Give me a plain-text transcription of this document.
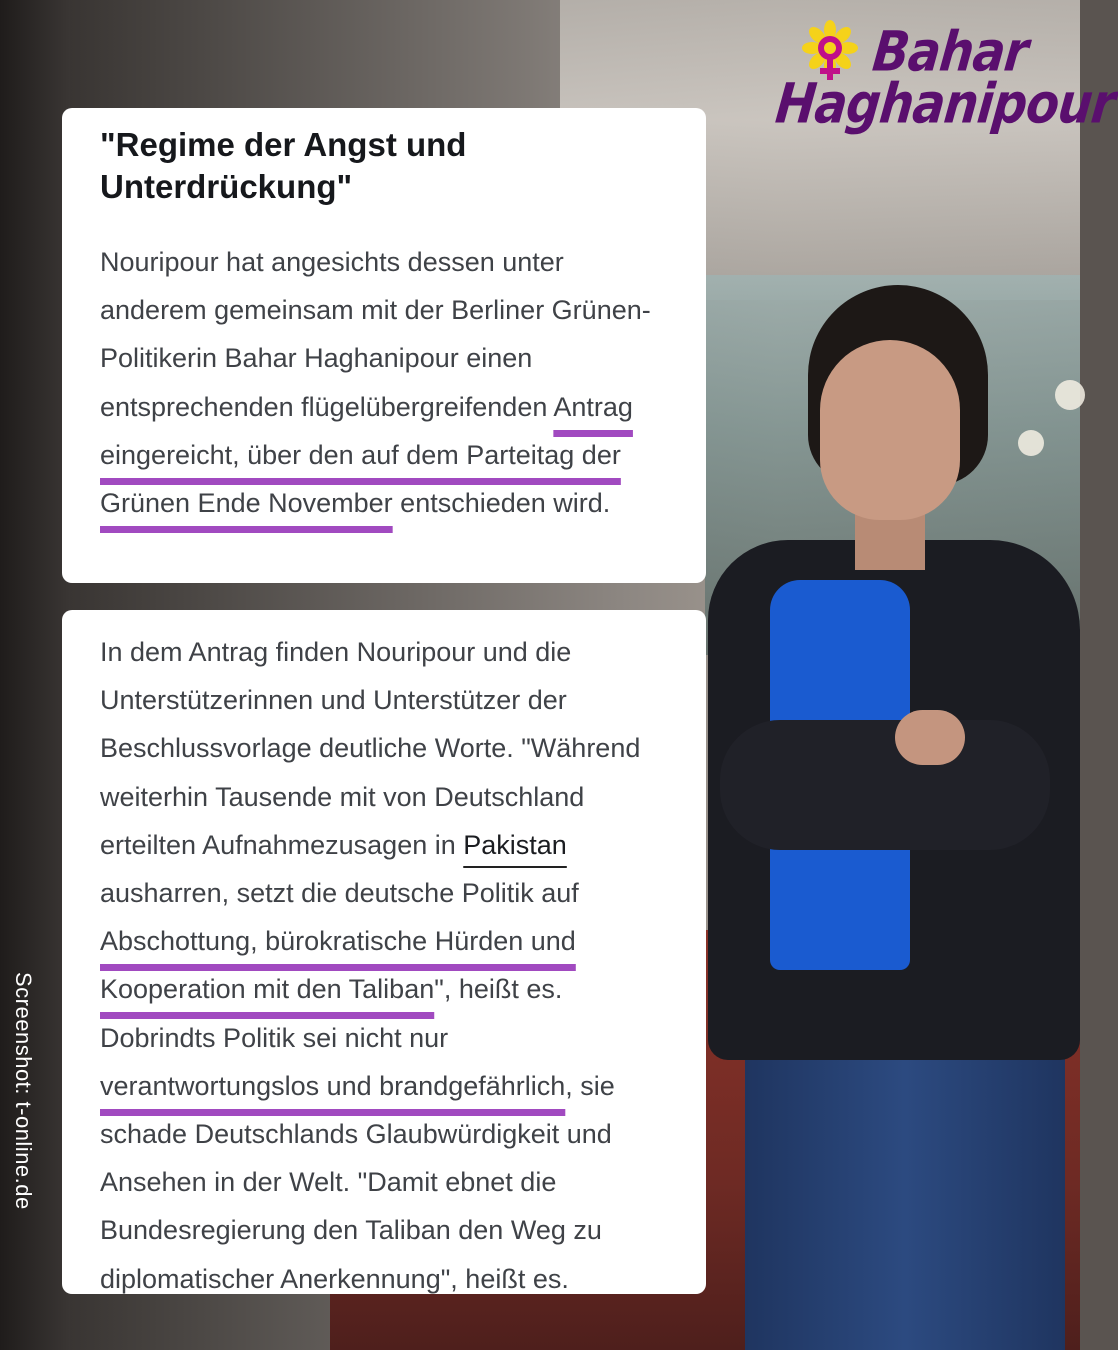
Bahar
Haghanipour
Screenshot: t-online.de
"Regime der Angst und Unterdrückung"

Nouripour hat angesichts dessen unter anderem gemeinsam mit der Berliner Grünen-Politikerin Bahar Haghanipour einen entsprechenden flügelübergreifenden Antrag eingereicht, über den auf dem Parteitag der Grünen Ende November entschieden wird.

In dem Antrag finden Nouripour und die Unterstützerinnen und Unterstützer der Beschlussvorlage deutliche Worte. "Während weiterhin Tausende mit von Deutschland erteilten Aufnahmezusagen in Pakistan ausharren, setzt die deutsche Politik auf Abschottung, bürokratische Hürden und Kooperation mit den Taliban", heißt es. Dobrindts Politik sei nicht nur verantwortungslos und brandgefährlich, sie schade Deutschlands Glaubwürdigkeit und Ansehen in der Welt. "Damit ebnet die Bundesregierung den Taliban den Weg zu diplomatischer Anerkennung", heißt es.
